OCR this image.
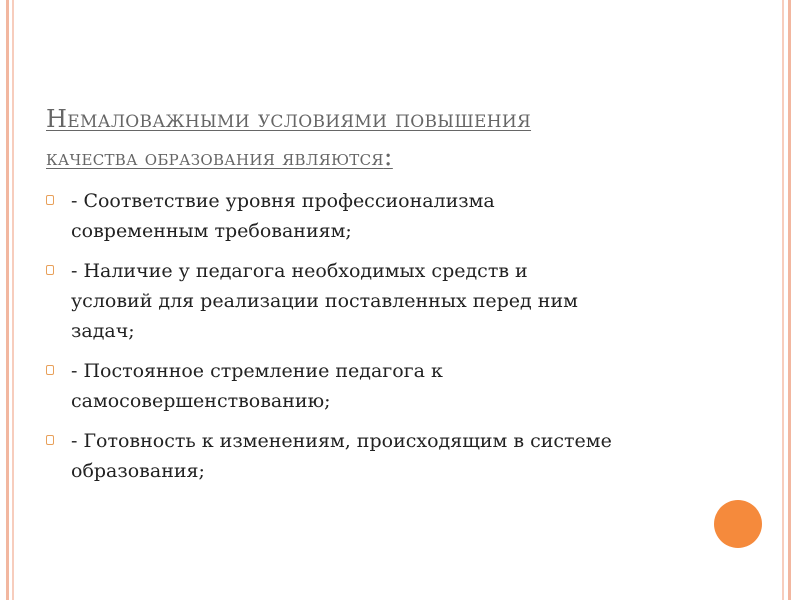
Немаловажными условиями повышения
качества образования являются:
- Соответствие уровня профессионализма
современным требованиям;
- Наличие у педагога необходимых средств и
условий для реализации поставленных перед ним
задач;
- Постоянное стремление педагога к
самосовершенствованию;
- Готовность к изменениям, происходящим в системе
образования;
